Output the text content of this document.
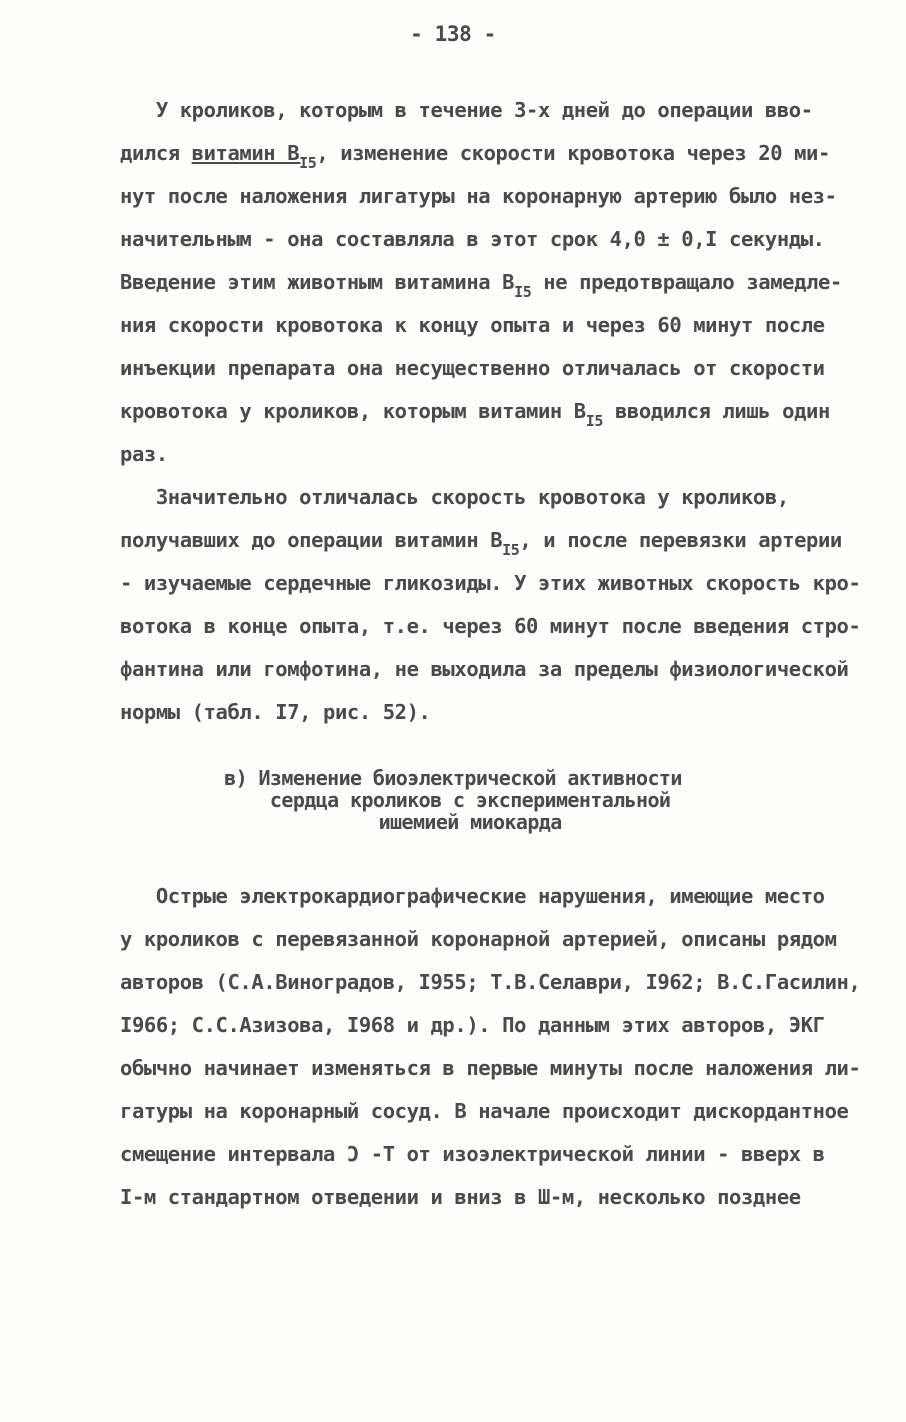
- 138 -
У кроликов, которым в течение 3-х дней до операции вво-
дился витамин $В_{I5}$, изменение скорости кровотока через 20 ми-
нут после наложения лигатуры на коронарную артерию было нез-
начительным - она составляла в этот срок 4,0 ± 0,I секунды.
Введение этим животным витамина $В_{I5}$ не предотвращало замедле-
ния скорости кровотока к концу опыта и через 60 минут после
инъекции препарата она несущественно отличалась от скорости
кровотока у кроликов, которым витамин $В_{I5}$ вводился лишь один
раз.
Значительно отличалась скорость кровотока у кроликов,
получавших до операции витамин $В_{I5}$, и после перевязки артерии
- изучаемые сердечные гликозиды. У этих животных скорость кро-
вотока в конце опыта, т.е. через 60 минут после введения стро-
фантина или гомфотина, не выходила за пределы физиологической
нормы (табл. I7, рис. 52).
в) Изменение биоэлектрической активности
сердца кроликов с экспериментальной
ишемией миокарда
Острые электрокардиографические нарушения, имеющие место
у кроликов с перевязанной коронарной артерией, описаны рядом
авторов (С.А.Виноградов, I955; Т.В.Селаври, I962; В.С.Гасилин,
I966; С.С.Азизова, I968 и др.). По данным этих авторов, ЭКГ
обычно начинает изменяться в первые минуты после наложения ли-
гатуры на коронарный сосуд. В начале происходит дискордантное
смещение интервала Ͻ -Т от изоэлектрической линии - вверх в
I-м стандартном отведении и вниз в Ш-м, несколько позднее
